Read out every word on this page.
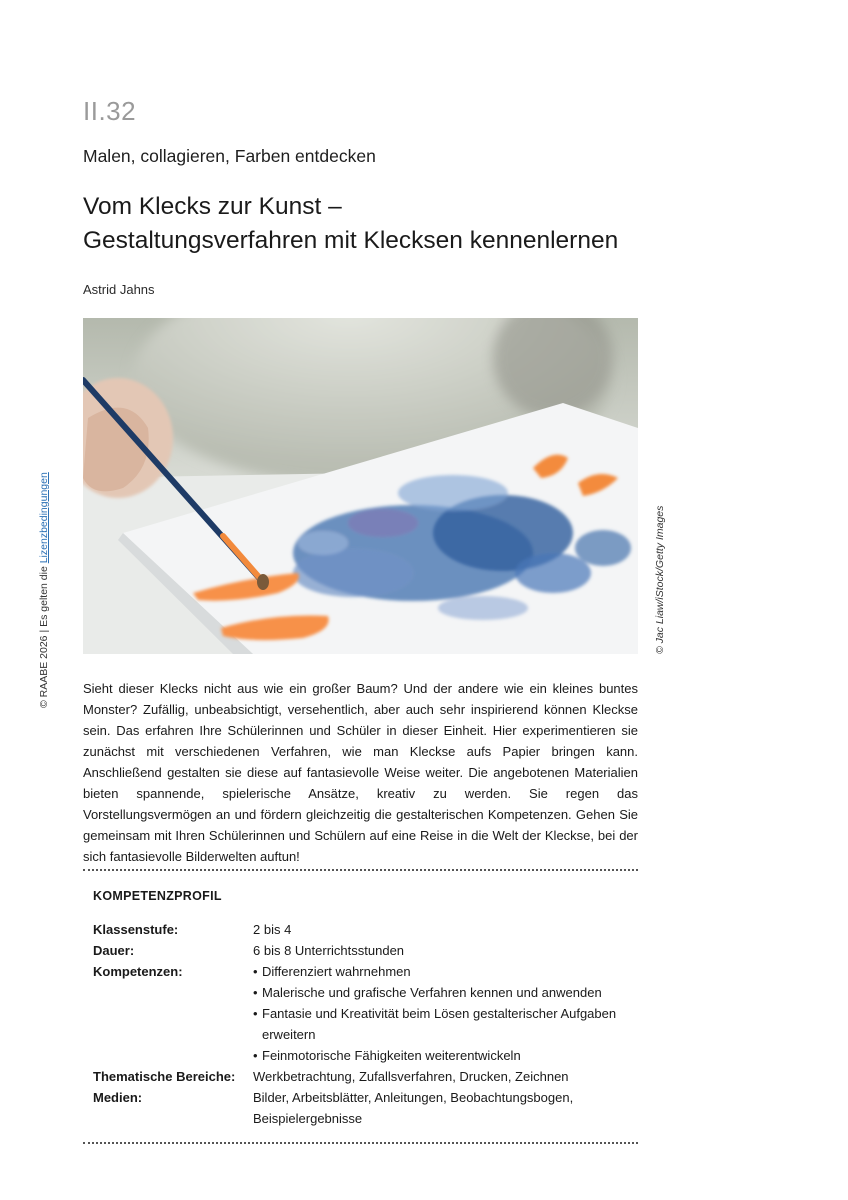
II.32
Malen, collagieren, Farben entdecken
Vom Klecks zur Kunst –
Gestaltungsverfahren mit Klecksen kennenlernen
Astrid Jahns
© Jac Liaw/iStock/Getty Images
© RAABE 2026 | Es gelten die Lizenzbedingungen

Sieht dieser Klecks nicht aus wie ein großer Baum? Und der andere wie ein kleines buntes Monster? Zufällig, unbeabsichtigt, versehentlich, aber auch sehr inspirierend können Kleckse sein. Das erfahren Ihre Schülerinnen und Schüler in dieser Einheit. Hier experimentieren sie zunächst mit verschiedenen Verfahren, wie man Kleckse aufs Papier bringen kann. Anschließend gestalten sie diese auf fantasievolle Weise weiter. Die angebotenen Materialien bieten spannende, spielerische Ansätze, kreativ zu werden. Sie regen das Vorstellungsvermögen an und fördern gleichzeitig die gestalterischen Kompetenzen. Gehen Sie gemeinsam mit Ihren Schülerinnen und Schülern auf eine Reise in die Welt der Kleckse, bei der sich fantasievolle Bilderwelten auftun!

KOMPETENZPROFIL
Klassenstufe:	2 bis 4
Dauer:	6 bis 8 Unterrichtsstunden
Kompetenzen:
•	Differenziert wahrnehmen
• Malerische und grafische Verfahren kennen und anwenden
• Fantasie und Kreativität beim Lösen gestalterischer Aufgaben erweitern
• Feinmotorische Fähigkeiten weiterentwickeln
Thematische Bereiche:	Werkbetrachtung, Zufallsverfahren, Drucken, Zeichnen
Medien:	Bilder, Arbeitsblätter, Anleitungen, Beobachtungsbogen, Beispielergebnisse
